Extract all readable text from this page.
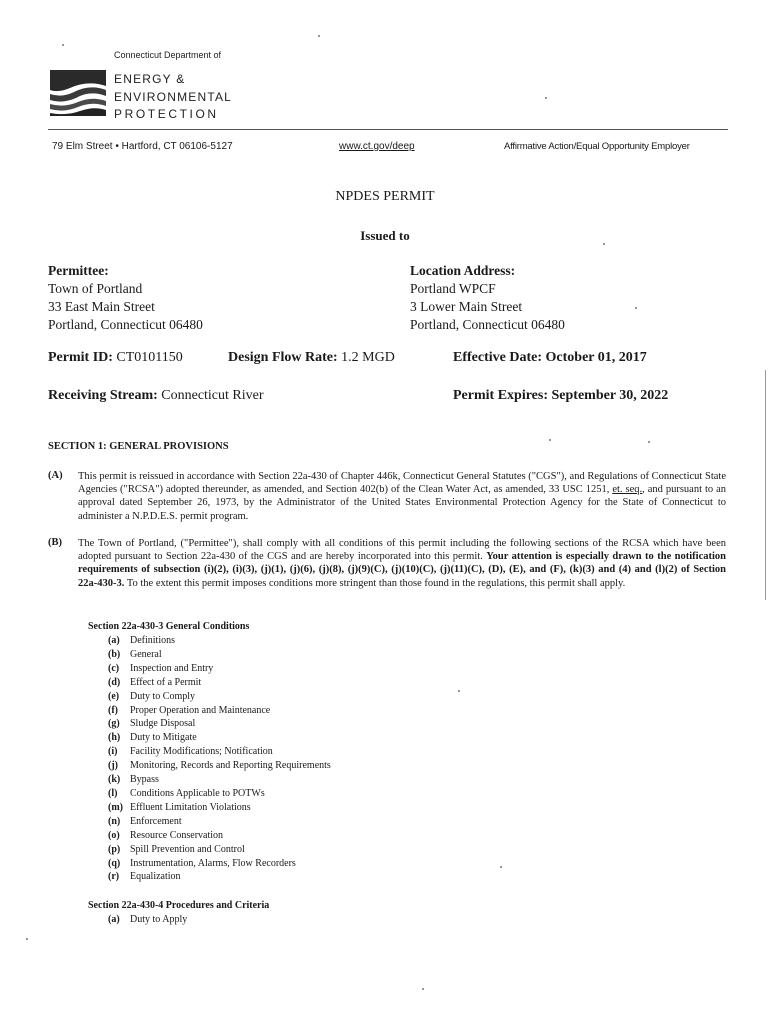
Connecticut Department of
ENERGY &
ENVIRONMENTAL
PROTECTION
79 Elm Street • Hartford, CT 06106-5127	www.ct.gov/deep	Affirmative Action/Equal Opportunity Employer
NPDES PERMIT
Issued to
Permittee:
Town of Portland
33 East Main Street
Portland, Connecticut 06480
Location Address:
Portland WPCF
3 Lower Main Street
Portland, Connecticut 06480
Permit ID: CT0101150	Design Flow Rate: 1.2 MGD	Effective Date: October 01, 2017
Receiving Stream: Connecticut River	Permit Expires: September 30, 2022
SECTION 1: GENERAL PROVISIONS
(A) This permit is reissued in accordance with Section 22a-430 of Chapter 446k, Connecticut General Statutes ("CGS"), and Regulations of Connecticut State Agencies ("RCSA") adopted thereunder, as amended, and Section 402(b) of the Clean Water Act, as amended, 33 USC 1251, et. seq., and pursuant to an approval dated September 26, 1973, by the Administrator of the United States Environmental Protection Agency for the State of Connecticut to administer a N.P.D.E.S. permit program.
(B) The Town of Portland, ("Permittee"), shall comply with all conditions of this permit including the following sections of the RCSA which have been adopted pursuant to Section 22a-430 of the CGS and are hereby incorporated into this permit. Your attention is especially drawn to the notification requirements of subsection (i)(2), (i)(3), (j)(1), (j)(6), (j)(8), (j)(9)(C), (j)(10)(C), (j)(11)(C), (D), (E), and (F), (k)(3) and (4) and (l)(2) of Section 22a-430-3. To the extent this permit imposes conditions more stringent than those found in the regulations, this permit shall apply.
Section 22a-430-3 General Conditions
(a) Definitions
(b) General
(c) Inspection and Entry
(d) Effect of a Permit
(e) Duty to Comply
(f) Proper Operation and Maintenance
(g) Sludge Disposal
(h) Duty to Mitigate
(i) Facility Modifications; Notification
(j) Monitoring, Records and Reporting Requirements
(k) Bypass
(l) Conditions Applicable to POTWs
(m) Effluent Limitation Violations
(n) Enforcement
(o) Resource Conservation
(p) Spill Prevention and Control
(q) Instrumentation, Alarms, Flow Recorders
(r) Equalization
Section 22a-430-4 Procedures and Criteria
(a) Duty to Apply
